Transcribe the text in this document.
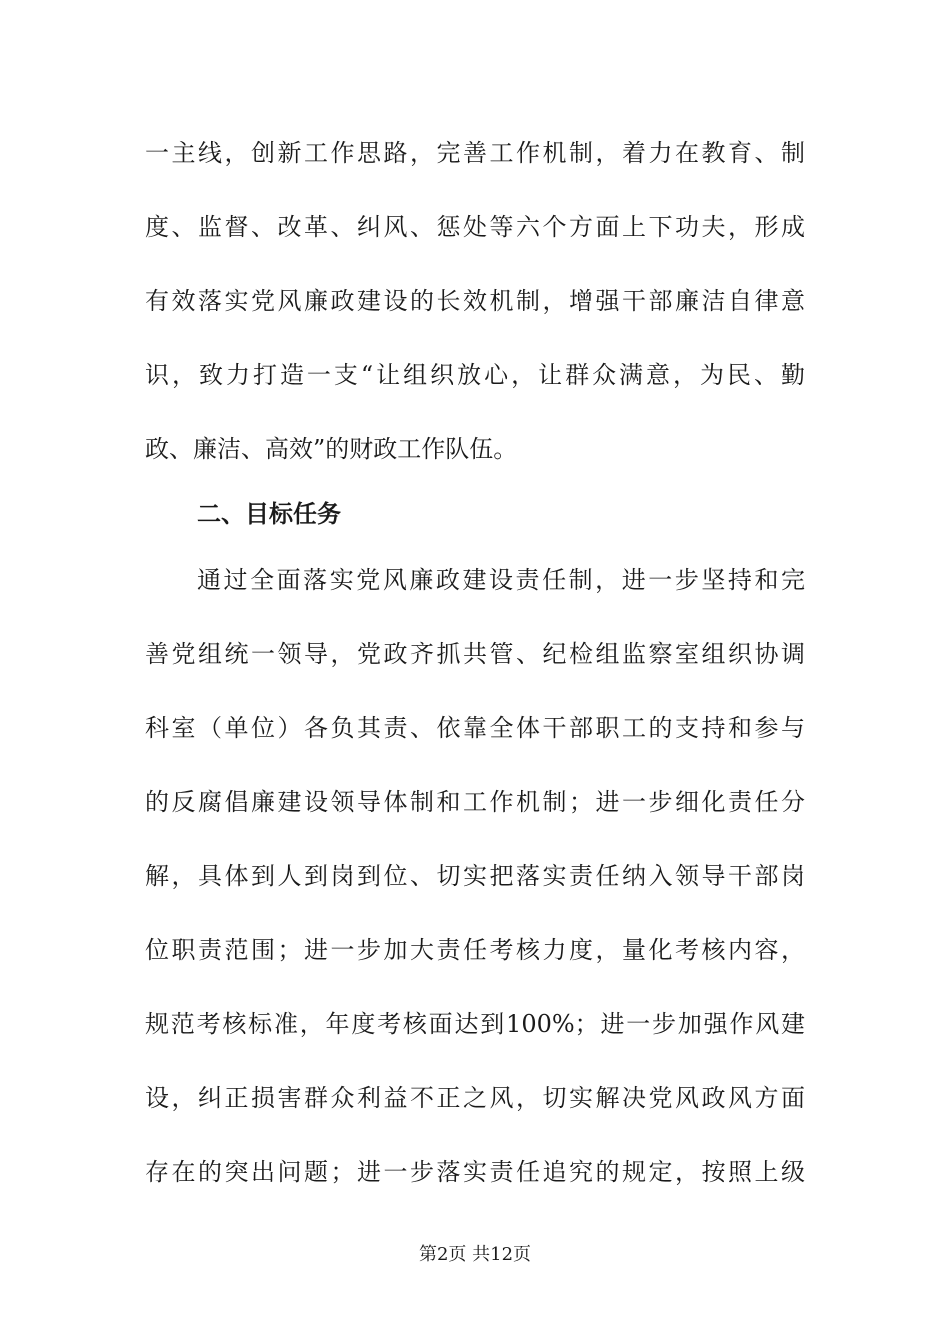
一主线，创新工作思路，完善工作机制，着力在教育、制
度、监督、改革、纠风、惩处等六个方面上下功夫，形成
有效落实党风廉政建设的长效机制，增强干部廉洁自律意
识，致力打造一支“让组织放心，让群众满意，为民、勤
政、廉洁、高效”的财政工作队伍。
二、目标任务
通过全面落实党风廉政建设责任制，进一步坚持和完
善党组统一领导，党政齐抓共管、纪检组监察室组织协调
科室（单位）各负其责、依靠全体干部职工的支持和参与
的反腐倡廉建设领导体制和工作机制；进一步细化责任分
解，具体到人到岗到位、切实把落实责任纳入领导干部岗
位职责范围；进一步加大责任考核力度，量化考核内容，
规范考核标准，年度考核面达到100%；进一步加强作风建
设，纠正损害群众利益不正之风，切实解决党风政风方面
存在的突出问题；进一步落实责任追究的规定，按照上级
第2页 共12页
